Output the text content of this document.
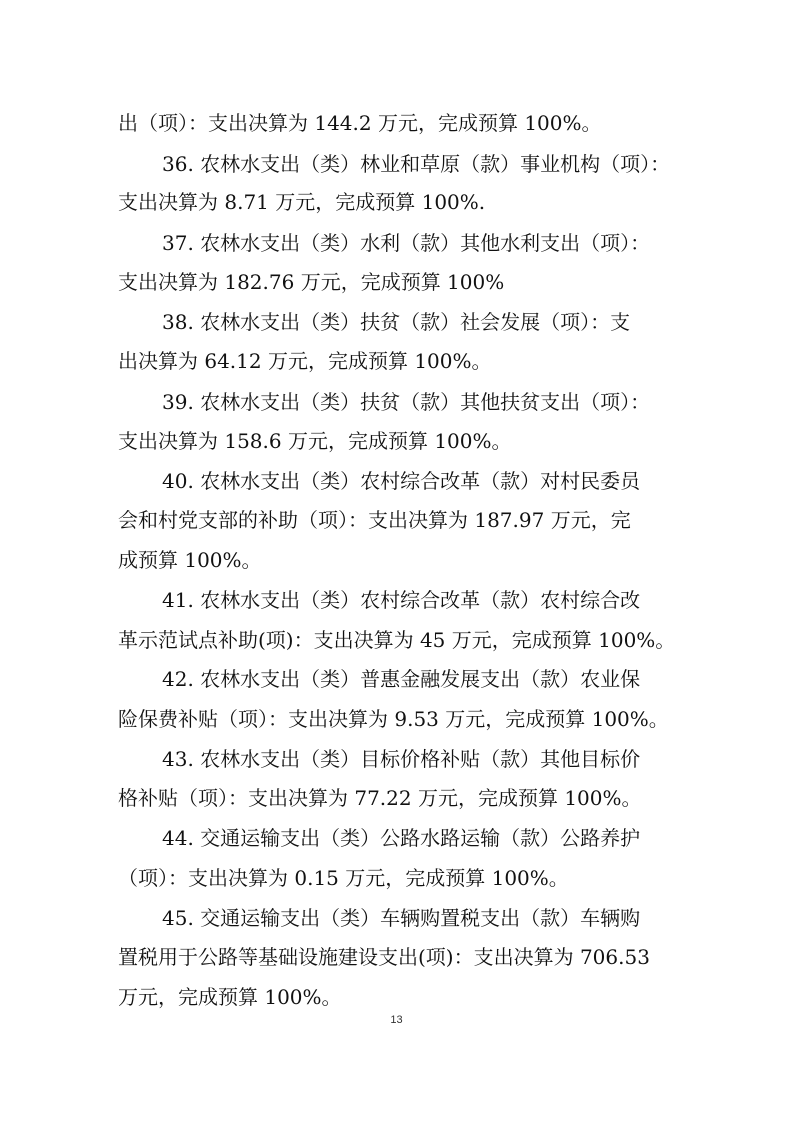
出（项）：支出决算为 144.2 万元，完成预算 100%。
36. 农林水支出（类）林业和草原（款）事业机构（项）：
支出决算为 8.71 万元，完成预算 100%.
37. 农林水支出（类）水利（款）其他水利支出（项）：
支出决算为 182.76 万元，完成预算 100%
38. 农林水支出（类）扶贫（款）社会发展（项）：支
出决算为 64.12 万元，完成预算 100%。
39. 农林水支出（类）扶贫（款）其他扶贫支出（项）：
支出决算为 158.6 万元，完成预算 100%。
40. 农林水支出（类）农村综合改革（款）对村民委员
会和村党支部的补助（项）：支出决算为 187.97 万元，完
成预算 100%。
41. 农林水支出（类）农村综合改革（款）农村综合改
革示范试点补助(项)：支出决算为 45 万元，完成预算 100%。
42. 农林水支出（类）普惠金融发展支出（款）农业保
险保费补贴（项）：支出决算为 9.53 万元，完成预算 100%。
43. 农林水支出（类）目标价格补贴（款）其他目标价
格补贴（项）：支出决算为 77.22 万元，完成预算 100%。
44. 交通运输支出（类）公路水路运输（款）公路养护
（项）：支出决算为 0.15 万元，完成预算 100%。
45. 交通运输支出（类）车辆购置税支出（款）车辆购
置税用于公路等基础设施建设支出(项)：支出决算为 706.53
万元，完成预算 100%。
13
